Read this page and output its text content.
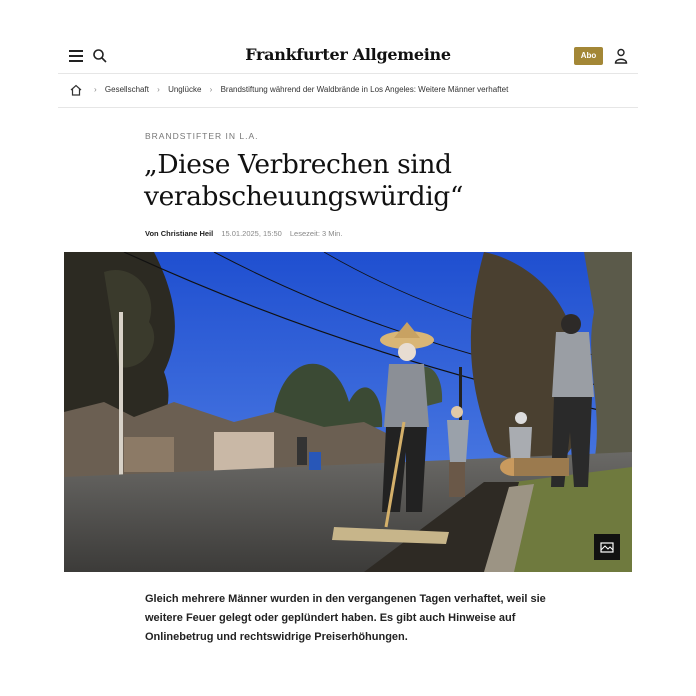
Frankfurter Allgemeine	Abo
› Gesellschaft › Unglücke › Brandstiftung während der Waldbrände in Los Angeles: Weitere Männer verhaftet
BRANDSTIFTER IN L.A.
„Diese Verbrechen sind verabscheuungswürdig“
Von Christiane Heil 15.01.2025, 15:50 Lesezeit: 3 Min.
Gleich mehrere Männer wurden in den vergangenen Tagen verhaftet, weil sie weitere Feuer gelegt oder geplündert haben. Es gibt auch Hinweise auf Onlinebetrug und rechtswidrige Preiserhöhungen.
